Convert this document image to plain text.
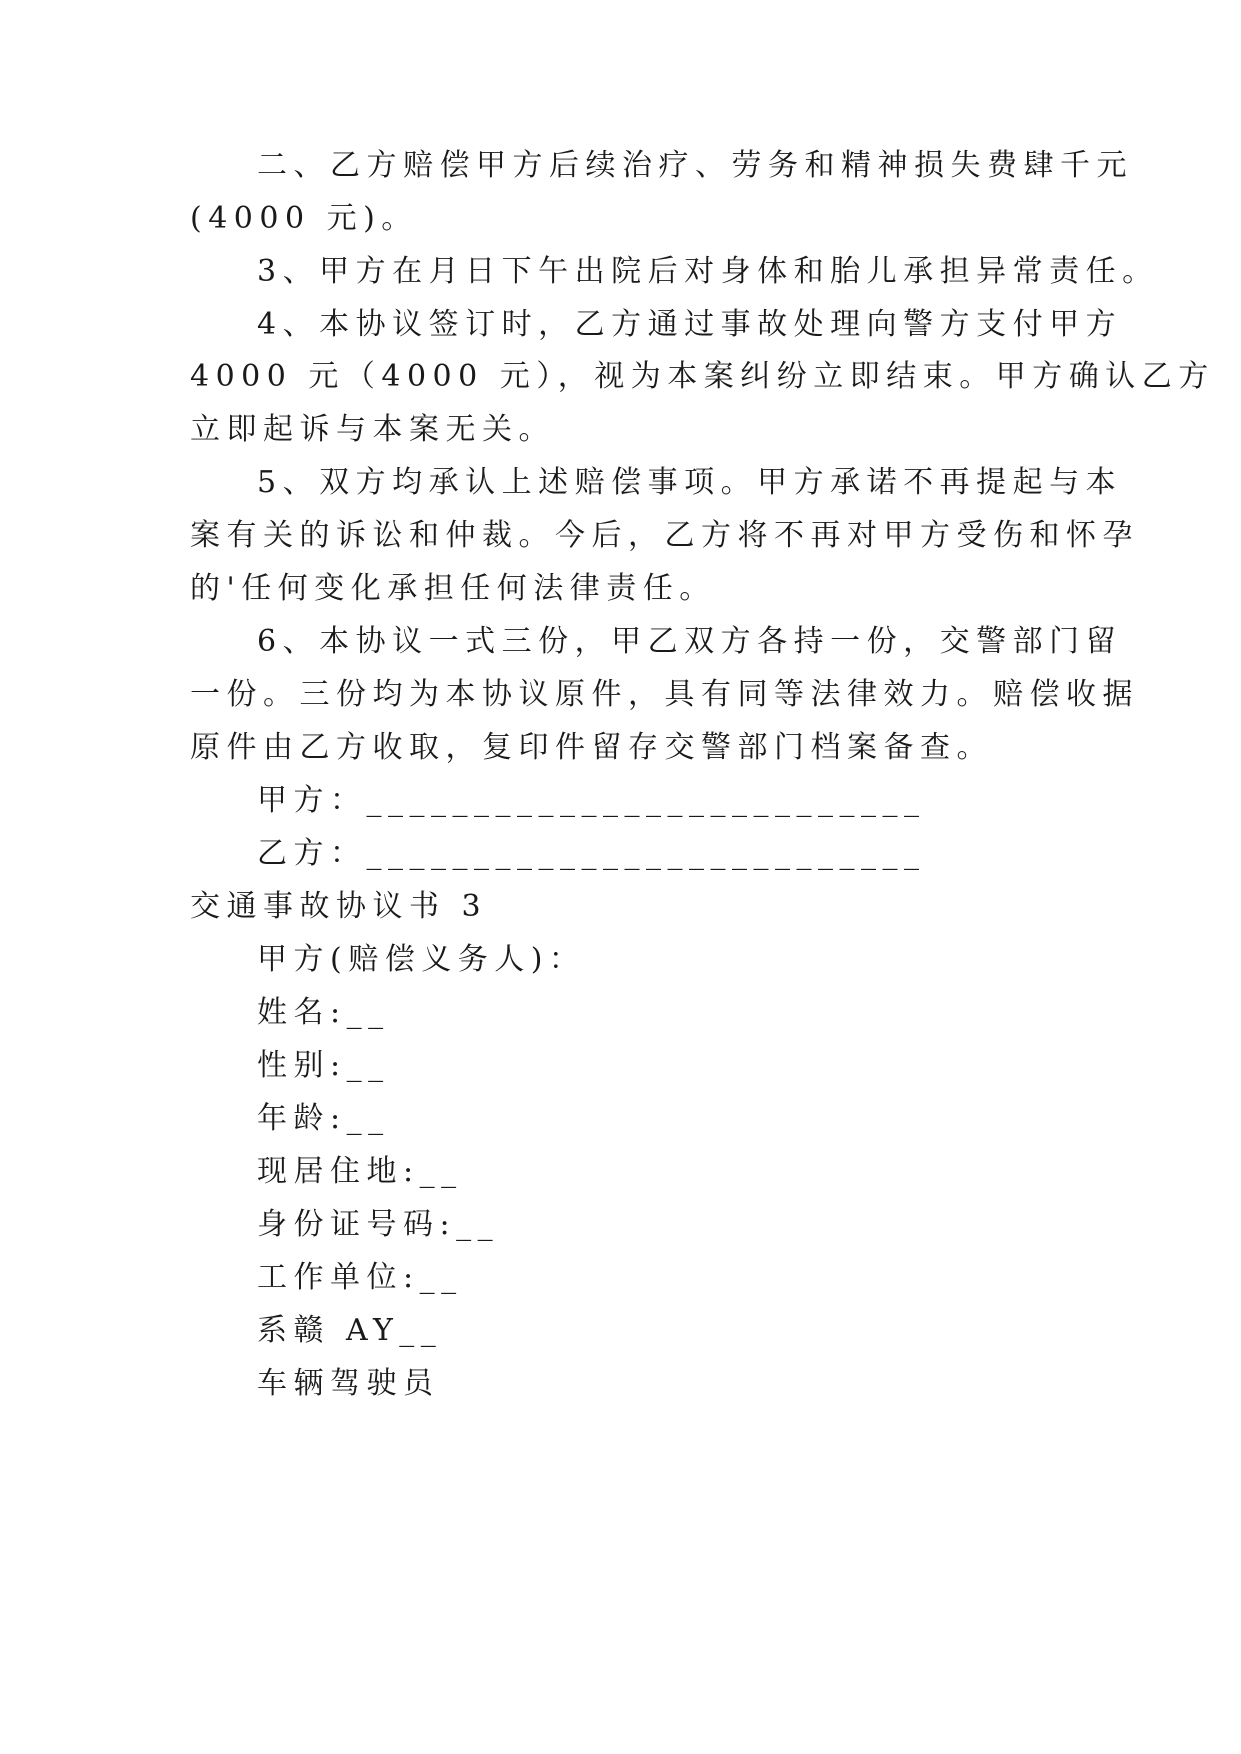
二、乙方赔偿甲方后续治疗、劳务和精神损失费肆千元
(4000 元)。
3、甲方在月日下午出院后对身体和胎儿承担异常责任。
4、本协议签订时，乙方通过事故处理向警方支付甲方
4000 元（4000 元），视为本案纠纷立即结束。甲方确认乙方
立即起诉与本案无关。
5、双方均承认上述赔偿事项。甲方承诺不再提起与本
案有关的诉讼和仲裁。今后，乙方将不再对甲方受伤和怀孕
的'任何变化承担任何法律责任。
6、本协议一式三份，甲乙双方各持一份，交警部门留
一份。三份均为本协议原件，具有同等法律效力。赔偿收据
原件由乙方收取，复印件留存交警部门档案备查。
甲方：__________________________
乙方：__________________________
交通事故协议书 3
甲方(赔偿义务人)：
姓名:__
性别:__
年龄:__
现居住地:__
身份证号码:__
工作单位:__
系赣 AY__
车辆驾驶员
